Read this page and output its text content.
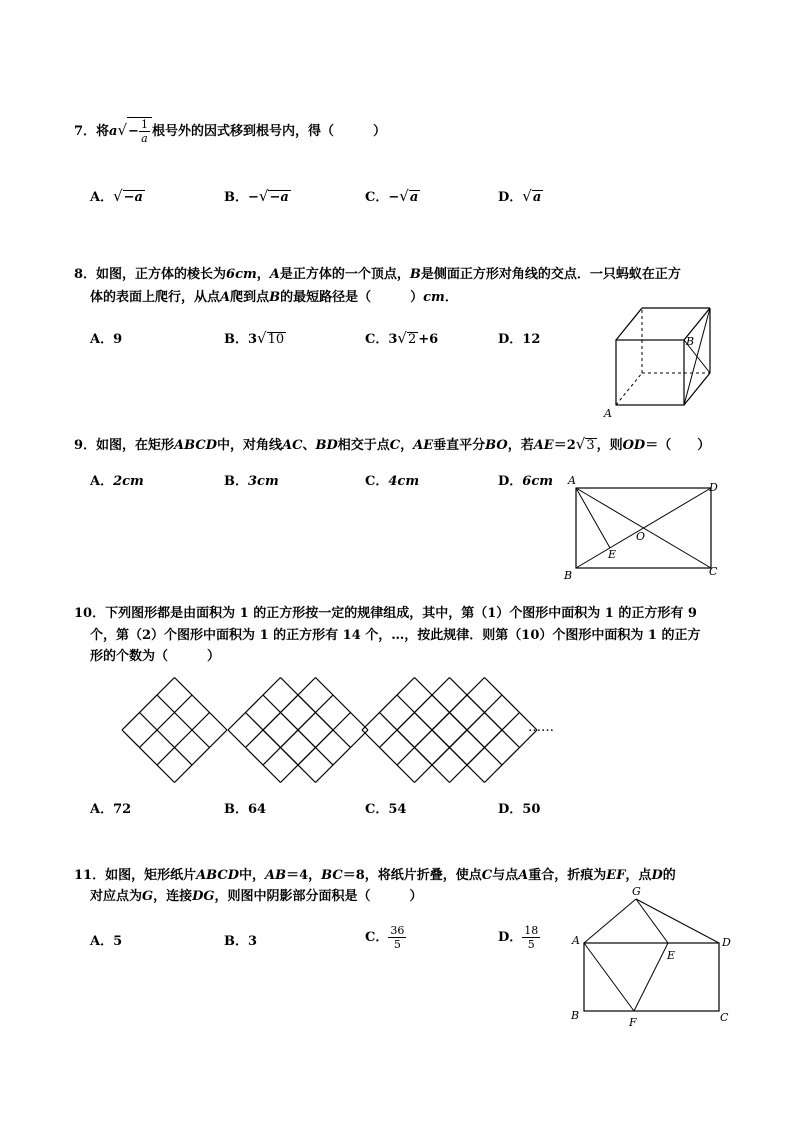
7．将$a√- \frac{1}{a}$ 根号外的因式移到根号内，得（　　　）
A．√−a	B．−√−a	C．−√a	D．√a
8．如图，正方体的棱长为6cm，A是正方体的一个顶点，B是侧面正方形对角线的交点．一只蚂蚁在正方
体的表面上爬行，从点A爬到点B的最短路径是（　　　）cm．
A．9	B．3√10	C．3√2 +6	D．12	B
A
9．如图，在矩形ABCD中，对角线AC、BD相交于点C，AE垂直平分BO，若AE＝2√3 ，则OD＝（　　）
A．2cm	B．3cm	C．4cm	D．6cm A
D
O
E
B	C
10．下列图形都是由面积为 1 的正方形按一定的规律组成，其中，第（1）个图形中面积为 1 的正方形有 9
个，第（2）个图形中面积为 1 的正方形有 14 个，…，按此规律．则第（10）个图形中面积为 1 的正方
形的个数为（　　　）
……
A．72	B．64	C．54	D．50
11．如图，矩形纸片ABCD中，AB＝4，BC＝8，将纸片折叠，使点C与点A重合，折痕为EF，点D的
对应点为G，连接DG，则图中阴影部分面积是（　　　）
A．5	B．3	C． $\frac{36}{5}$	D． $\frac{18}{5}$
G
A
E
D
B
F	C
